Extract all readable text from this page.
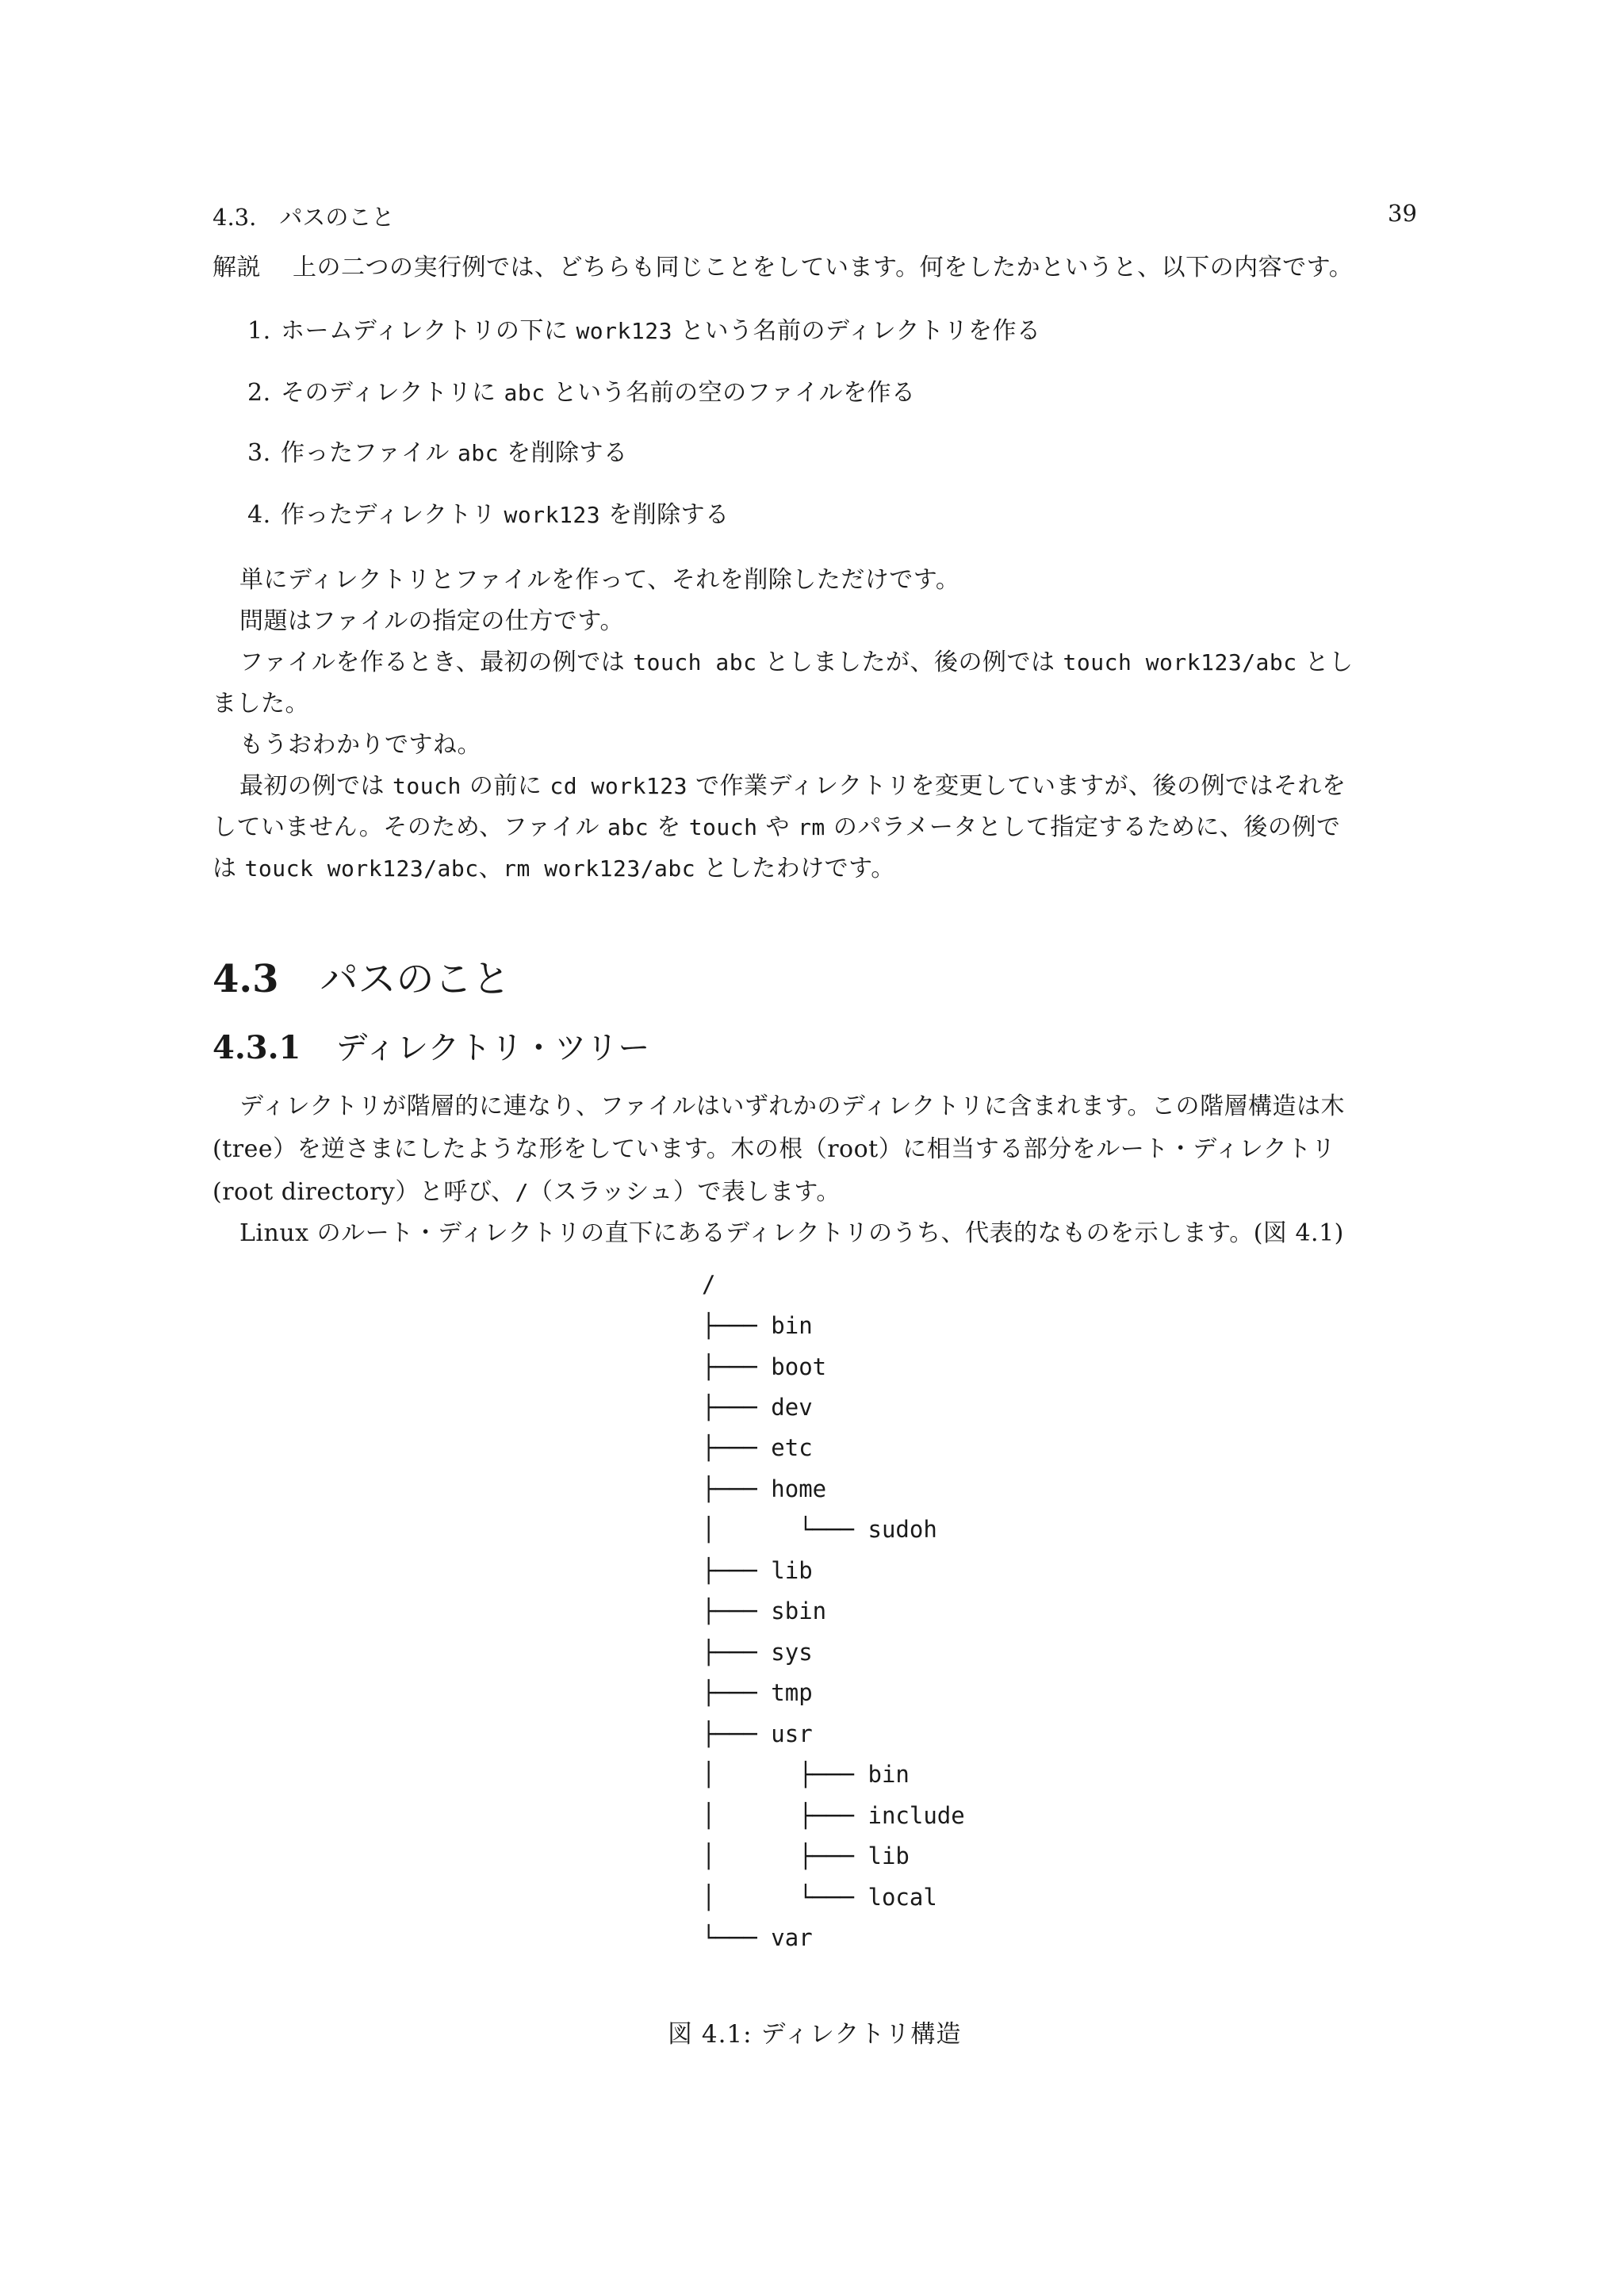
4.3.　パスのこと	39
解説 上の二つの実行例では、どちらも同じことをしています。何をしたかというと、以下の内容です。
1. ホームディレクトリの下に work123 という名前のディレクトリを作る
2. そのディレクトリに abc という名前の空のファイルを作る
3. 作ったファイル abc を削除する
4. 作ったディレクトリ work123 を削除する
単にディレクトリとファイルを作って、それを削除しただけです。
問題はファイルの指定の仕方です。
ファイルを作るとき、最初の例では touch abc としましたが、後の例では touch work123/abc とし
ました。
もうおわかりですね。
最初の例では touch の前に cd work123 で作業ディレクトリを変更していますが、後の例ではそれを
していません。そのため、ファイル abc を touch や rm のパラメータとして指定するために、後の例で
は touck work123/abc、rm work123/abc としたわけです。
4.3 パスのこと
4.3.1 ディレクトリ・ツリー
ディレクトリが階層的に連なり、ファイルはいずれかのディレクトリに含まれます。この階層構造は木
(tree）を逆さまにしたような形をしています。木の根（root）に相当する部分をルート・ディレクトリ
(root directory）と呼び、/（スラッシュ）で表します。
Linux のルート・ディレクトリの直下にあるディレクトリのうち、代表的なものを示します。(図 4.1)
/
├─── bin
├─── boot
├─── dev
├─── etc
├─── home
│      └─── sudoh
├─── lib
├─── sbin
├─── sys
├─── tmp
├─── usr
│      ├─── bin
│      ├─── include
│      ├─── lib
│      └─── local
└─── var
図 4.1: ディレクトリ構造
